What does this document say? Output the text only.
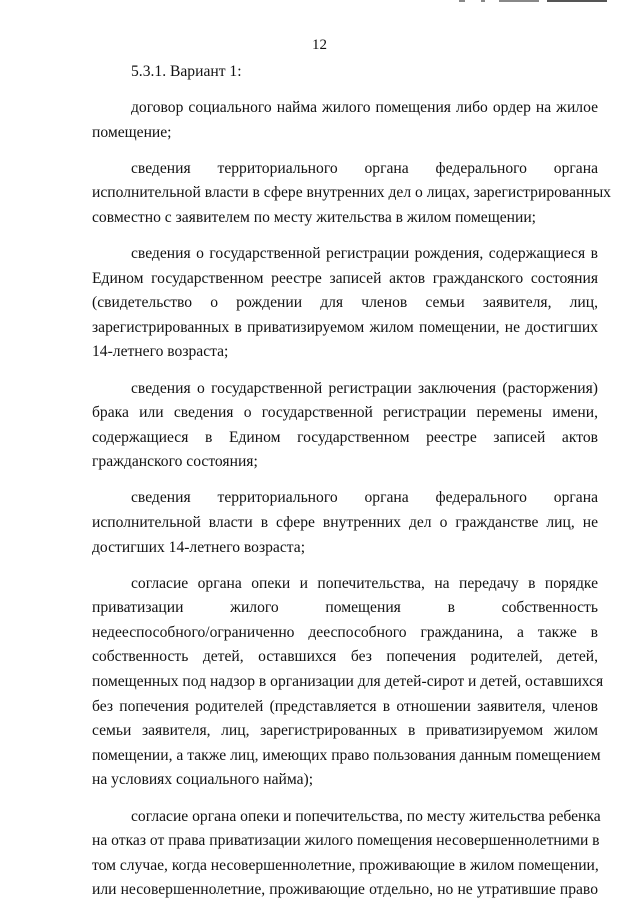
12
5.3.1. Вариант 1:
договор социального найма жилого помещения либо ордер на жилое
помещение;
сведения территориального органа федерального органа
исполнительной власти в сфере внутренних дел о лицах, зарегистрированных
совместно с заявителем по месту жительства в жилом помещении;
сведения о государственной регистрации рождения, содержащиеся в
Едином государственном реестре записей актов гражданского состояния
(свидетельство о рождении для членов семьи заявителя, лиц,
зарегистрированных в приватизируемом жилом помещении, не достигших
14-летнего возраста;
сведения о государственной регистрации заключения (расторжения)
брака или сведения о государственной регистрации перемены имени,
содержащиеся в Едином государственном реестре записей актов
гражданского состояния;
сведения территориального органа федерального органа
исполнительной власти в сфере внутренних дел о гражданстве лиц, не
достигших 14-летнего возраста;
согласие органа опеки и попечительства, на передачу в порядке
приватизации жилого помещения в собственность
недееспособного/ограниченно дееспособного гражданина, а также в
собственность детей, оставшихся без попечения родителей, детей,
помещенных под надзор в организации для детей-сирот и детей, оставшихся
без попечения родителей (представляется в отношении заявителя, членов
семьи заявителя, лиц, зарегистрированных в приватизируемом жилом
помещении, а также лиц, имеющих право пользования данным помещением
на условиях социального найма);
согласие органа опеки и попечительства, по месту жительства ребенка
на отказ от права приватизации жилого помещения несовершеннолетними в
том случае, когда несовершеннолетние, проживающие в жилом помещении,
или несовершеннолетние, проживающие отдельно, но не утратившие право
